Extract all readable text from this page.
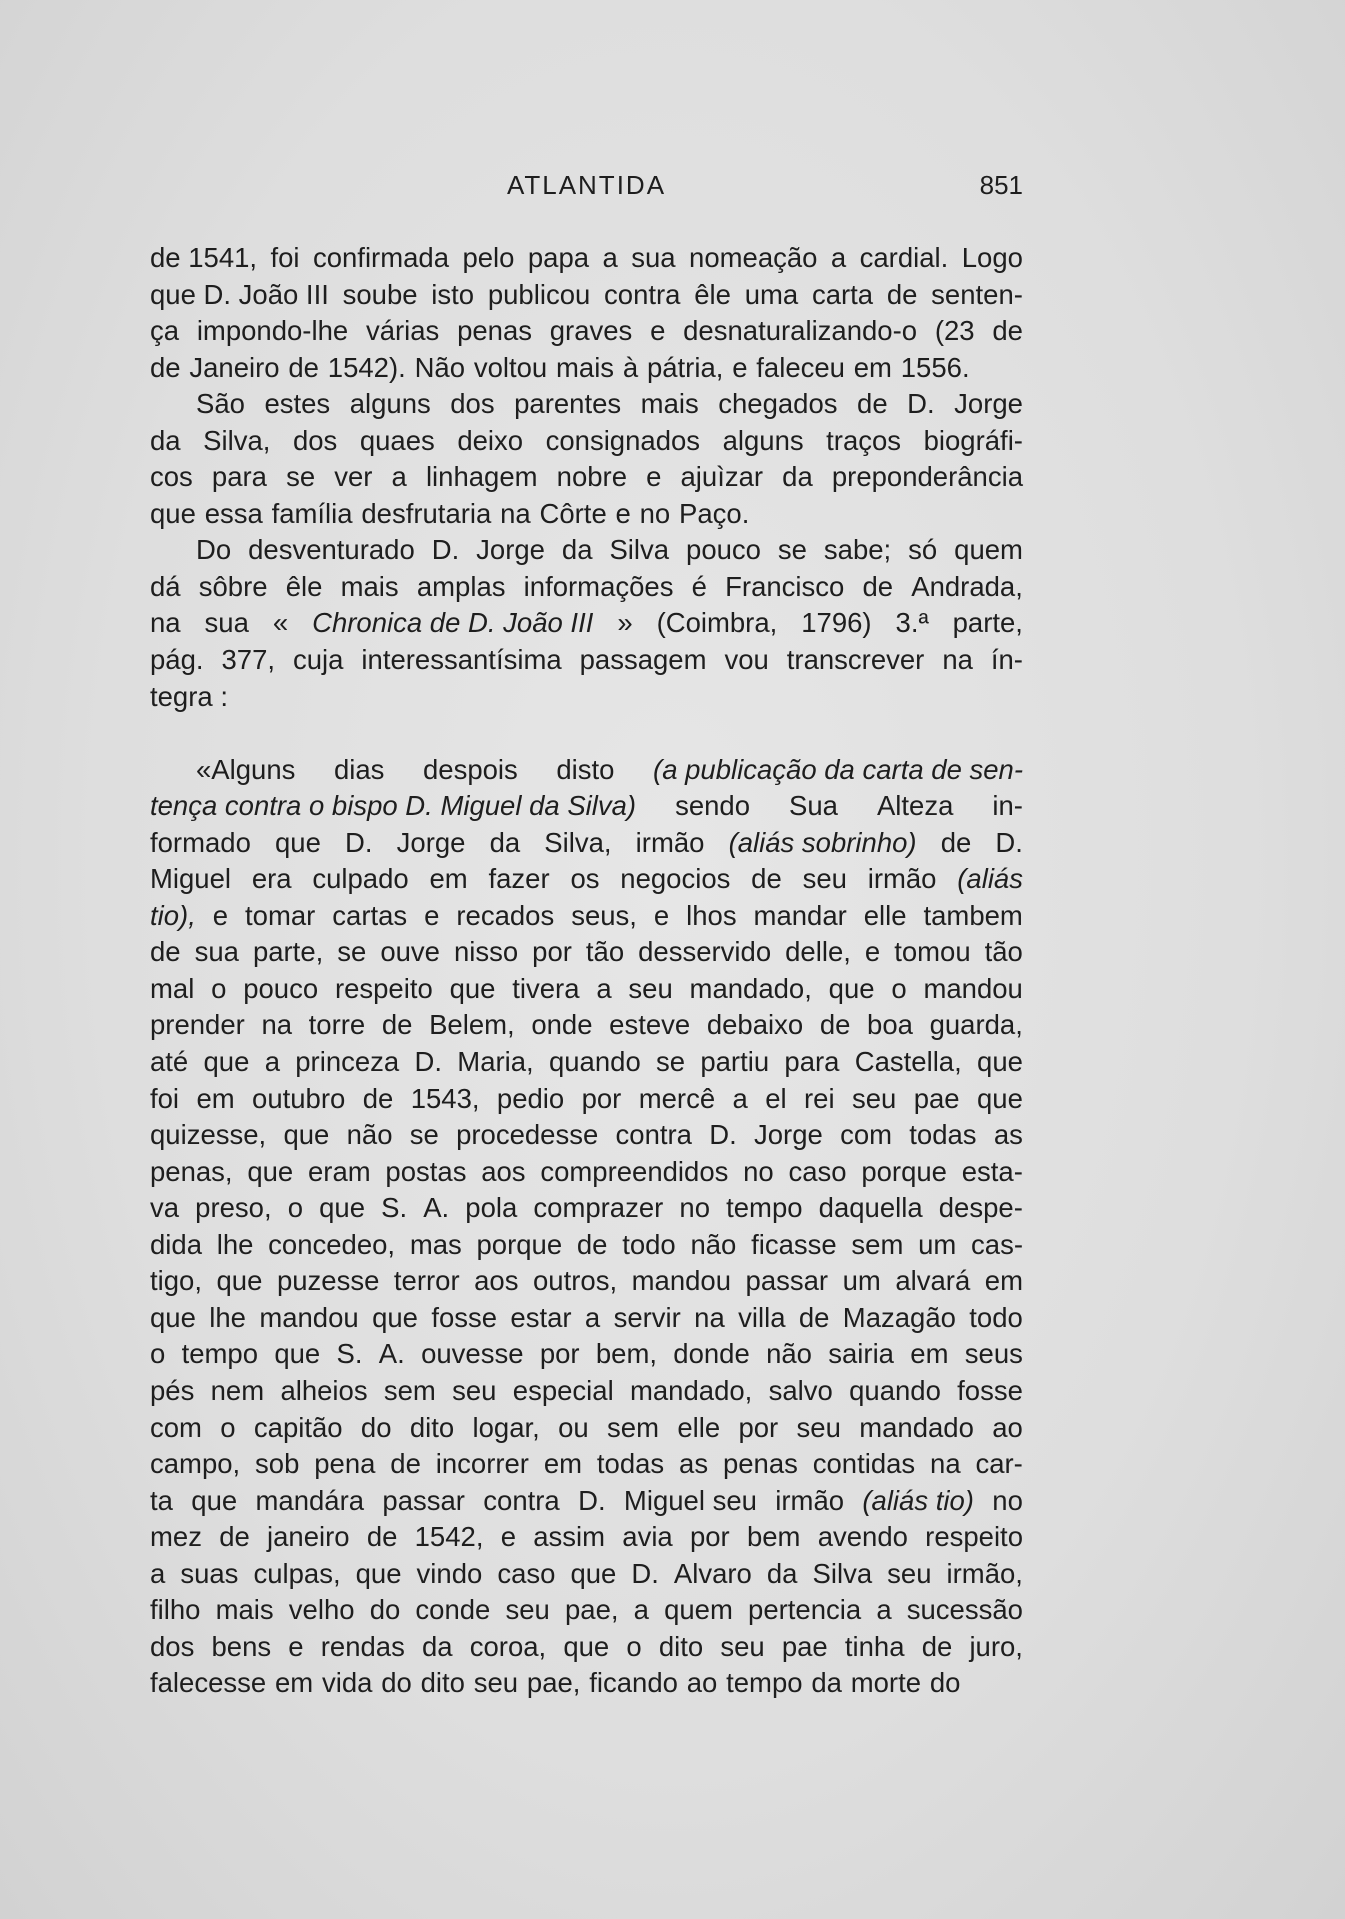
ATLANTIDA	851
de 1541, foi confirmada pelo papa a sua nomeação a cardial. Logo
que D. João III soube isto publicou contra êle uma carta de senten-
ça impondo-lhe várias penas graves e desnaturalizando-o (23 de
de Janeiro de 1542). Não voltou mais à pátria, e faleceu em 1556.
São estes alguns dos parentes mais chegados de D. Jorge
da Silva, dos quaes deixo consignados alguns traços biográfi-
cos para se ver a linhagem nobre e ajuìzar da preponderância
que essa família desfrutaria na Côrte e no Paço.
Do desventurado D. Jorge da Silva pouco se sabe; só quem
dá sôbre êle mais amplas informações é Francisco de Andrada,
na sua « Chronica de D. João III » (Coimbra, 1796) 3.ª parte,
pág. 377, cuja interessantísima passagem vou transcrever na ín-
tegra :
«Alguns dias despois disto (a publicação da carta de sen-
tença contra o bispo D. Miguel da Silva) sendo Sua Alteza in-
formado que D. Jorge da Silva, irmão (aliás sobrinho) de D.
Miguel era culpado em fazer os negocios de seu irmão (aliás
tio), e tomar cartas e recados seus, e lhos mandar elle tambem
de sua parte, se ouve nisso por tão desservido delle, e tomou tão
mal o pouco respeito que tivera a seu mandado, que o mandou
prender na torre de Belem, onde esteve debaixo de boa guarda,
até que a princeza D. Maria, quando se partiu para Castella, que
foi em outubro de 1543, pedio por mercê a el rei seu pae que
quizesse, que não se procedesse contra D. Jorge com todas as
penas, que eram postas aos compreendidos no caso porque esta-
va preso, o que S. A. pola comprazer no tempo daquella despe-
dida lhe concedeo, mas porque de todo não ficasse sem um cas-
tigo, que puzesse terror aos outros, mandou passar um alvará em
que lhe mandou que fosse estar a servir na villa de Mazagão todo
o tempo que S. A. ouvesse por bem, donde não sairia em seus
pés nem alheios sem seu especial mandado, salvo quando fosse
com o capitão do dito logar, ou sem elle por seu mandado ao
campo, sob pena de incorrer em todas as penas contidas na car-
ta que mandára passar contra D. Miguel seu irmão (aliás tio) no
mez de janeiro de 1542, e assim avia por bem avendo respeito
a suas culpas, que vindo caso que D. Alvaro da Silva seu irmão,
filho mais velho do conde seu pae, a quem pertencia a sucessão
dos bens e rendas da coroa, que o dito seu pae tinha de juro,
falecesse em vida do dito seu pae, ficando ao tempo da morte do
